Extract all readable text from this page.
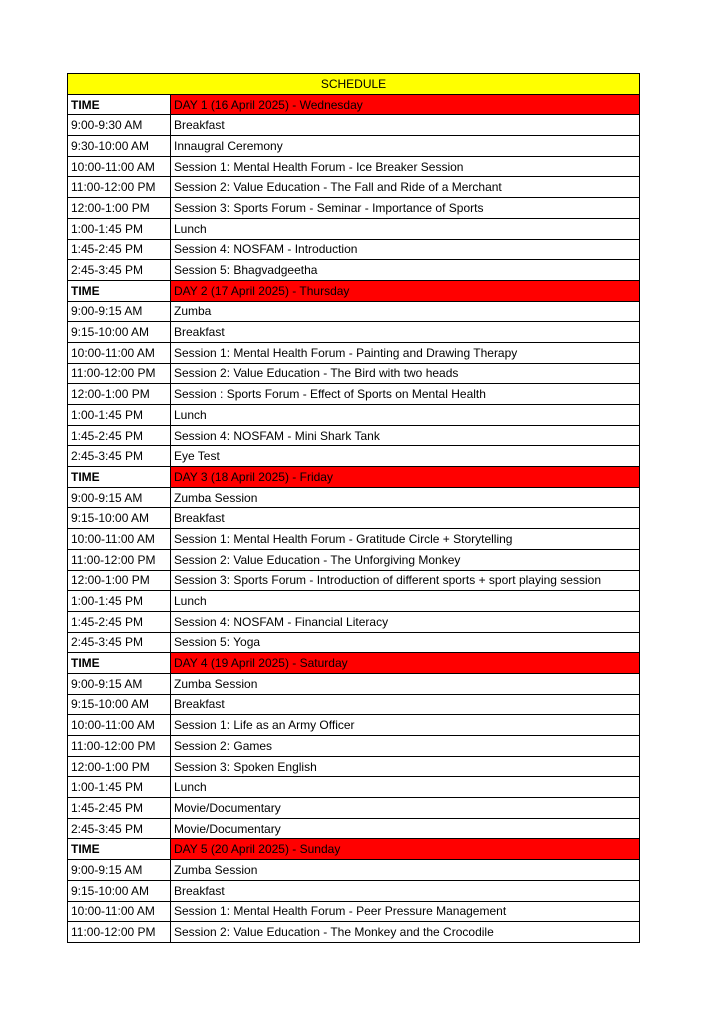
SCHEDULE	
TIME	DAY 1 (16 April 2025) - Wednesday
9:00-9:30 AM	Breakfast
9:30-10:00 AM	Innaugral Ceremony
10:00-11:00 AM	Session 1: Mental Health Forum - Ice Breaker Session
11:00-12:00 PM	Session 2: Value Education - The Fall and Ride of a Merchant
12:00-1:00 PM	Session 3: Sports Forum - Seminar - Importance of Sports
1:00-1:45 PM	Lunch
1:45-2:45 PM	Session 4: NOSFAM - Introduction
2:45-3:45 PM	Session 5: Bhagvadgeetha
TIME	DAY 2 (17 April 2025) - Thursday
9:00-9:15 AM	Zumba
9:15-10:00 AM	Breakfast
10:00-11:00 AM	Session 1: Mental Health Forum - Painting and Drawing Therapy
11:00-12:00 PM	Session 2: Value Education - The Bird with two heads
12:00-1:00 PM	Session : Sports Forum - Effect of Sports on Mental Health
1:00-1:45 PM	Lunch
1:45-2:45 PM	Session 4: NOSFAM - Mini Shark Tank
2:45-3:45 PM	Eye Test
TIME	DAY 3 (18 April 2025) - Friday
9:00-9:15 AM	Zumba Session
9:15-10:00 AM	Breakfast
10:00-11:00 AM	Session 1: Mental Health Forum - Gratitude Circle + Storytelling
11:00-12:00 PM	Session 2: Value Education - The Unforgiving Monkey
12:00-1:00 PM	Session 3: Sports Forum - Introduction of different sports + sport playing session
1:00-1:45 PM	Lunch
1:45-2:45 PM	Session 4: NOSFAM - Financial Literacy
2:45-3:45 PM	Session 5: Yoga
TIME	DAY 4 (19 April 2025) - Saturday
9:00-9:15 AM	Zumba Session
9:15-10:00 AM	Breakfast
10:00-11:00 AM	Session 1: Life as an Army Officer
11:00-12:00 PM	Session 2: Games
12:00-1:00 PM	Session 3: Spoken English
1:00-1:45 PM	Lunch
1:45-2:45 PM	Movie/Documentary
2:45-3:45 PM	Movie/Documentary
TIME	DAY 5 (20 April 2025) - Sunday
9:00-9:15 AM	Zumba Session
9:15-10:00 AM	Breakfast
10:00-11:00 AM	Session 1: Mental Health Forum - Peer Pressure Management
11:00-12:00 PM	Session 2: Value Education - The Monkey and the Crocodile
